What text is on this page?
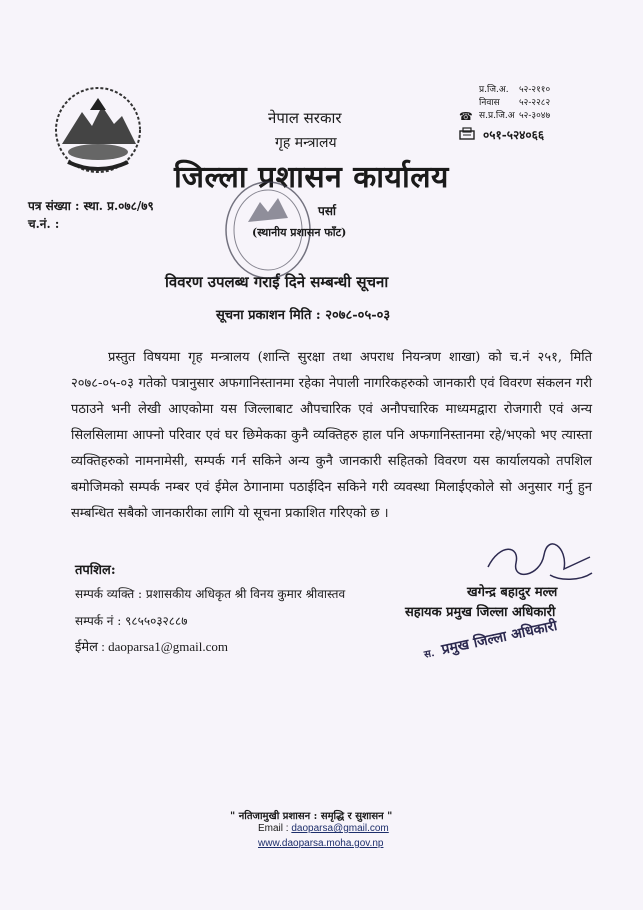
नेपाल सरकार
गृह मन्त्रालय
जिल्ला प्रशासन कार्यालय
प्र.जि.अ.	५२-२११०
निवास	५२-२२८२
☎ स.प्र.जि.अ ५२-३०४७
०५१-५२४०६६
पत्र संख्या : स्था. प्र.०७८/७९
च.नं. :
पर्सा
(स्थानीय प्रशासन फाँट)
विवरण उपलब्ध गराई दिने सम्बन्धी सूचना
सूचना प्रकाशन मिति : २०७८-०५-०३
प्रस्तुत विषयमा गृह मन्त्रालय (शान्ति सुरक्षा तथा अपराध नियन्त्रण शाखा) को च.नं २५१, मिति २०७८-०५-०३ गतेको पत्रानुसार अफगानिस्तानमा रहेका नेपाली नागरिकहरुको जानकारी एवं विवरण संकलन गरी पठाउने भनी लेखी आएकोमा यस जिल्लाबाट औपचारिक एवं अनौपचारिक माध्यमद्वारा रोजगारी एवं अन्य सिलसिलामा आफ्नो परिवार एवं घर छिमेकका कुनै व्यक्तिहरु हाल पनि अफगानिस्तानमा रहे/भएको भए त्यास्ता व्यक्तिहरुको नामनामेसी, सम्पर्क गर्न सकिने अन्य कुनै जानकारी सहितको विवरण यस कार्यालयको तपशिल बमोजिमको सम्पर्क नम्बर एवं ईमेल ठेगानामा पठाईदिन सकिने गरी व्यवस्था मिलाईएकोले सो अनुसार गर्नु हुन सम्बन्धित सबैको जानकारीका लागि यो सूचना प्रकाशित गरिएको छ ।
तपशिल:
सम्पर्क व्यक्ति : प्रशासकीय अधिकृत श्री विनय कुमार श्रीवास्तव
सम्पर्क नं : ९८५५०३२८८७
ईमेल : daoparsa1@gmail.com
खगेन्द्र बहादुर मल्ल
सहायक प्रमुख जिल्ला अधिकारी
स. प्रमुख जिल्ला अधिकारी
" नतिजामुखी प्रशासन : समृद्धि र सुशासन "
Email : daoparsa@gmail.com
www.daoparsa.moha.gov.np
